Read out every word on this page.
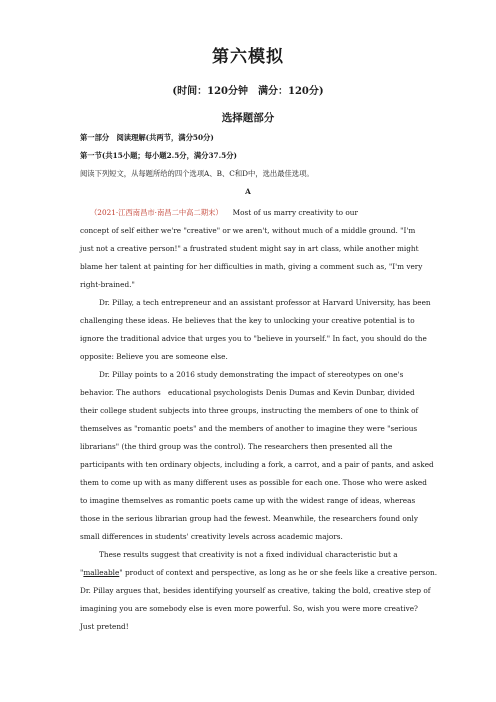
第六模拟
(时间：120分钟　满分：120分)
选择题部分
第一部分　阅读理解(共两节，满分50分)
第一节(共15小题；每小题2.5分，满分37.5分)
阅读下列短文，从每题所给的四个选项A、B、C和D中，选出最佳选项。
A
（2021·江西南昌市·南昌二中高二期末） Most of us marry creativity to our
concept of self either we're "creative" or we aren't, without much of a middle ground. "I'm
just not a creative person!" a frustrated student might say in art class, while another might
blame her talent at painting for her difficulties in math, giving a comment such as, "I'm very
right-brained."
Dr. Pillay, a tech entrepreneur and an assistant professor at Harvard University, has been
challenging these ideas. He believes that the key to unlocking your creative potential is to
ignore the traditional advice that urges you to "believe in yourself." In fact, you should do the
opposite: Believe you are someone else.
Dr. Pillay points to a 2016 study demonstrating the impact of stereotypes on one's
behavior. The authors　educational psychologists Denis Dumas and Kevin Dunbar, divided
their college student subjects into three groups, instructing the members of one to think of
themselves as "romantic poets" and the members of another to imagine they were "serious
librarians" (the third group was the control). The researchers then presented all the
participants with ten ordinary objects, including a fork, a carrot, and a pair of pants, and asked
them to come up with as many different uses as possible for each one. Those who were asked
to imagine themselves as romantic poets came up with the widest range of ideas, whereas
those in the serious librarian group had the fewest. Meanwhile, the researchers found only
small differences in students' creativity levels across academic majors.
These results suggest that creativity is not a fixed individual characteristic but a
"malleable" product of context and perspective, as long as he or she feels like a creative person.
Dr. Pillay argues that, besides identifying yourself as creative, taking the bold, creative step of
imagining you are somebody else is even more powerful. So, wish you were more creative?
Just pretend!
